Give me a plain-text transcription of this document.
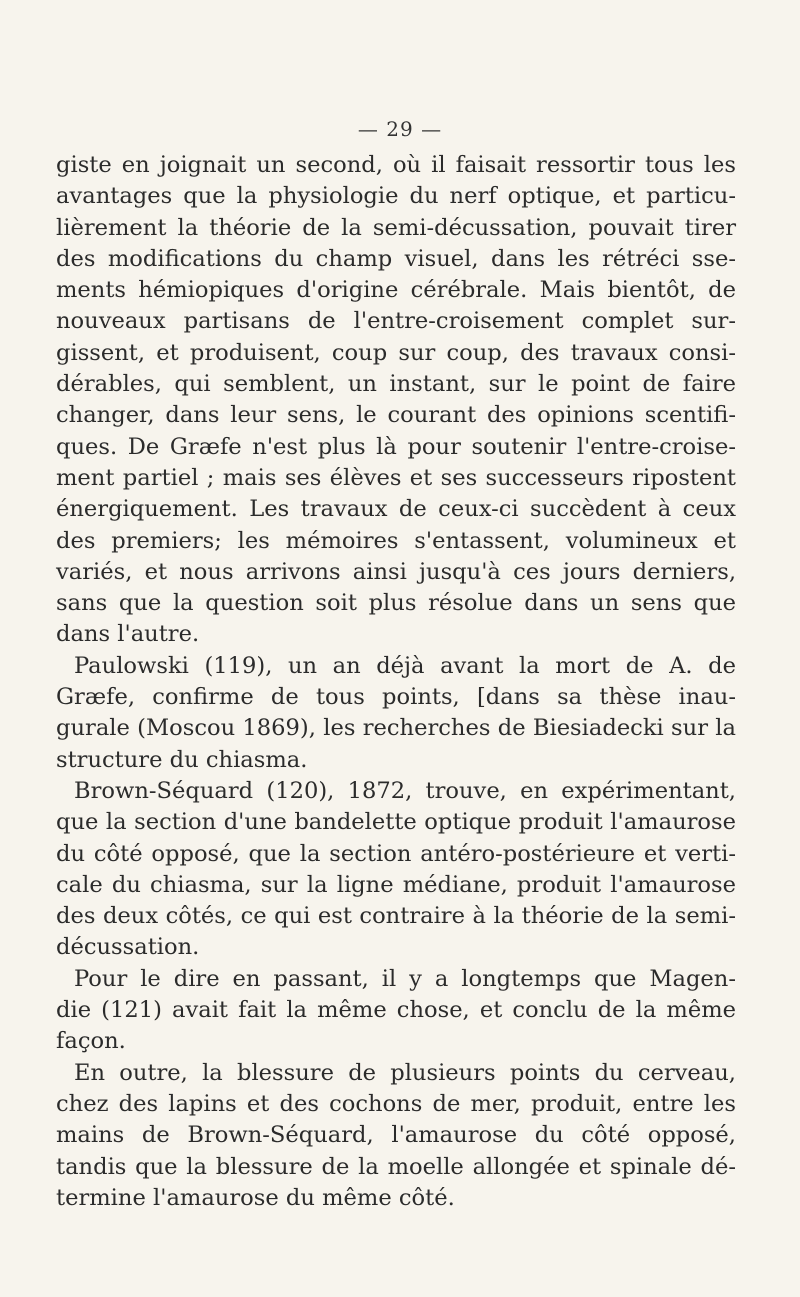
— 29 —
giste en joignait un second, où il faisait ressortir tous les
avantages que la physiologie du nerf optique, et particu-
lièrement la théorie de la semi-décussation, pouvait tirer
des modifications du champ visuel, dans les rétréci sse-
ments hémiopiques d'origine cérébrale. Mais bientôt, de
nouveaux partisans de l'entre-croisement complet sur-
gissent, et produisent, coup sur coup, des travaux consi-
dérables, qui semblent, un instant, sur le point de faire
changer, dans leur sens, le courant des opinions scentifi-
ques. De Græfe n'est plus là pour soutenir l'entre-croise-
ment partiel ; mais ses élèves et ses successeurs ripostent
énergiquement. Les travaux de ceux-ci succèdent à ceux
des premiers; les mémoires s'entassent, volumineux et
variés, et nous arrivons ainsi jusqu'à ces jours derniers,
sans que la question soit plus résolue dans un sens que
dans l'autre.
Paulowski (119), un an déjà avant la mort de A. de
Græfe, confirme de tous points, [dans sa thèse inau-
gurale (Moscou 1869), les recherches de Biesiadecki sur la
structure du chiasma.
Brown-Séquard (120), 1872, trouve, en expérimentant,
que la section d'une bandelette optique produit l'amaurose
du côté opposé, que la section antéro-postérieure et verti-
cale du chiasma, sur la ligne médiane, produit l'amaurose
des deux côtés, ce qui est contraire à la théorie de la semi-
décussation.
Pour le dire en passant, il y a longtemps que Magen-
die (121) avait fait la même chose, et conclu de la même
façon.
En outre, la blessure de plusieurs points du cerveau,
chez des lapins et des cochons de mer, produit, entre les
mains de Brown-Séquard, l'amaurose du côté opposé,
tandis que la blessure de la moelle allongée et spinale dé-
termine l'amaurose du même côté.
